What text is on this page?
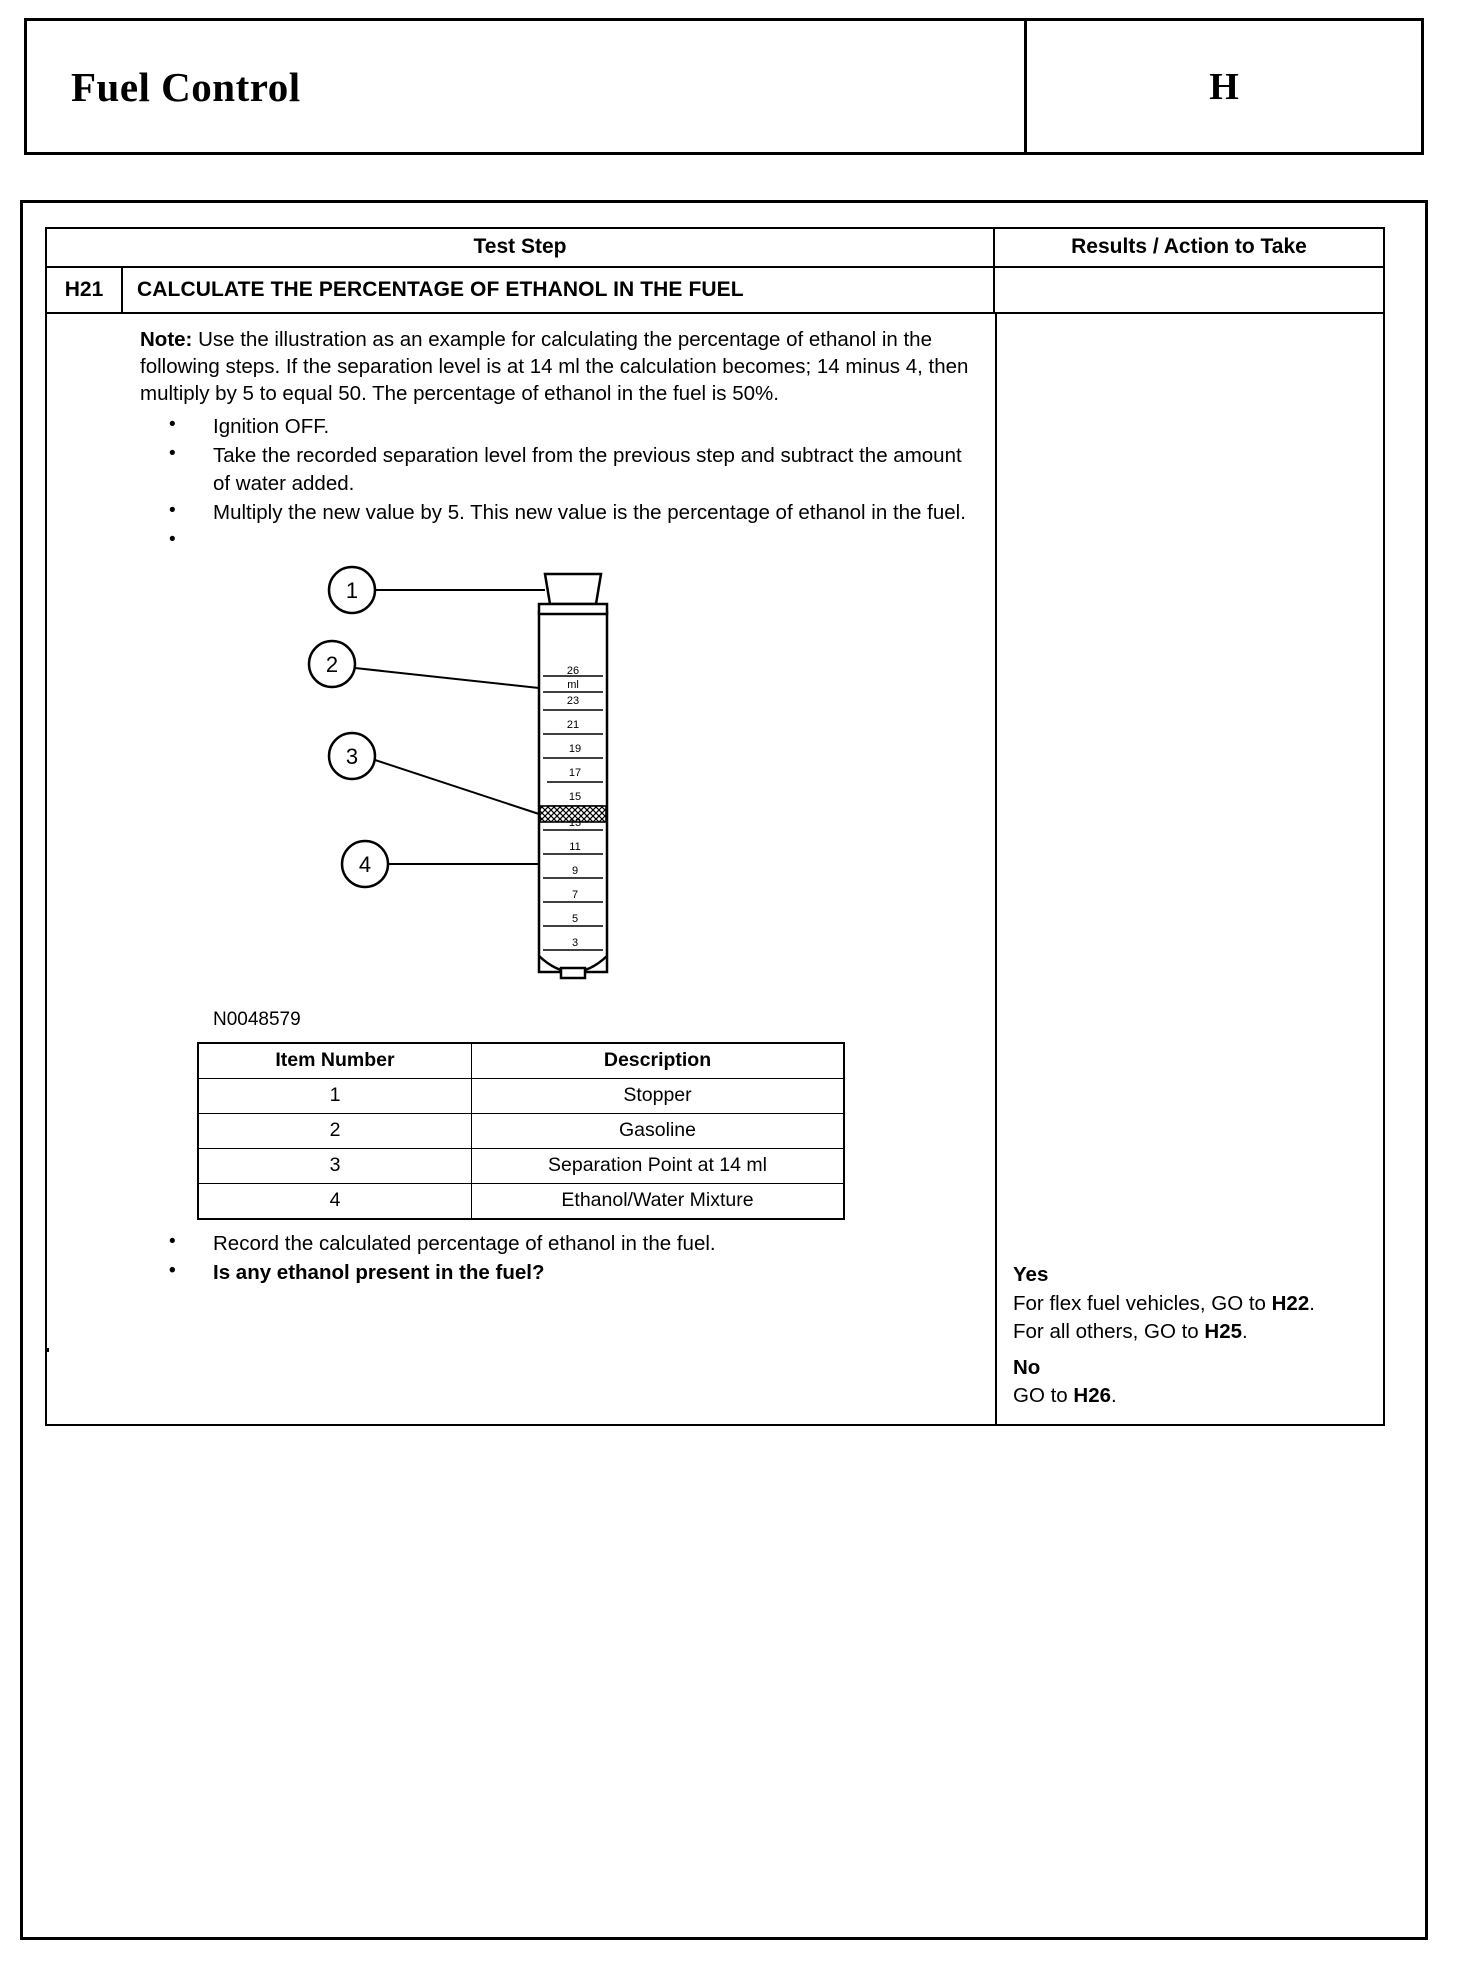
Fuel Control	H
Test Step	Results / Action to Take
H21	CALCULATE THE PERCENTAGE OF ETHANOL IN THE FUEL
Note: Use the illustration as an example for calculating the percentage of ethanol in the following steps. If the separation level is at 14 ml the calculation becomes; 14 minus 4, then multiply by 5 to equal 50. The percentage of ethanol in the fuel is 50%.
• Ignition OFF.
• Take the recorded separation level from the previous step and subtract the amount of water added.
• Multiply the new value by 5. This new value is the percentage of ethanol in the fuel.
•
26
ml
23
21
19
17
15
13
11
9
7
5
3
1
2
3
4
N0048579
Item Number	Description
1	Stopper
2	Gasoline
3	Separation Point at 14 ml
4	Ethanol/Water Mixture
• Record the calculated percentage of ethanol in the fuel.
• Is any ethanol present in the fuel?	Yes
For flex fuel vehicles, GO to H22.
For all others, GO to H25.
No
GO to H26.
